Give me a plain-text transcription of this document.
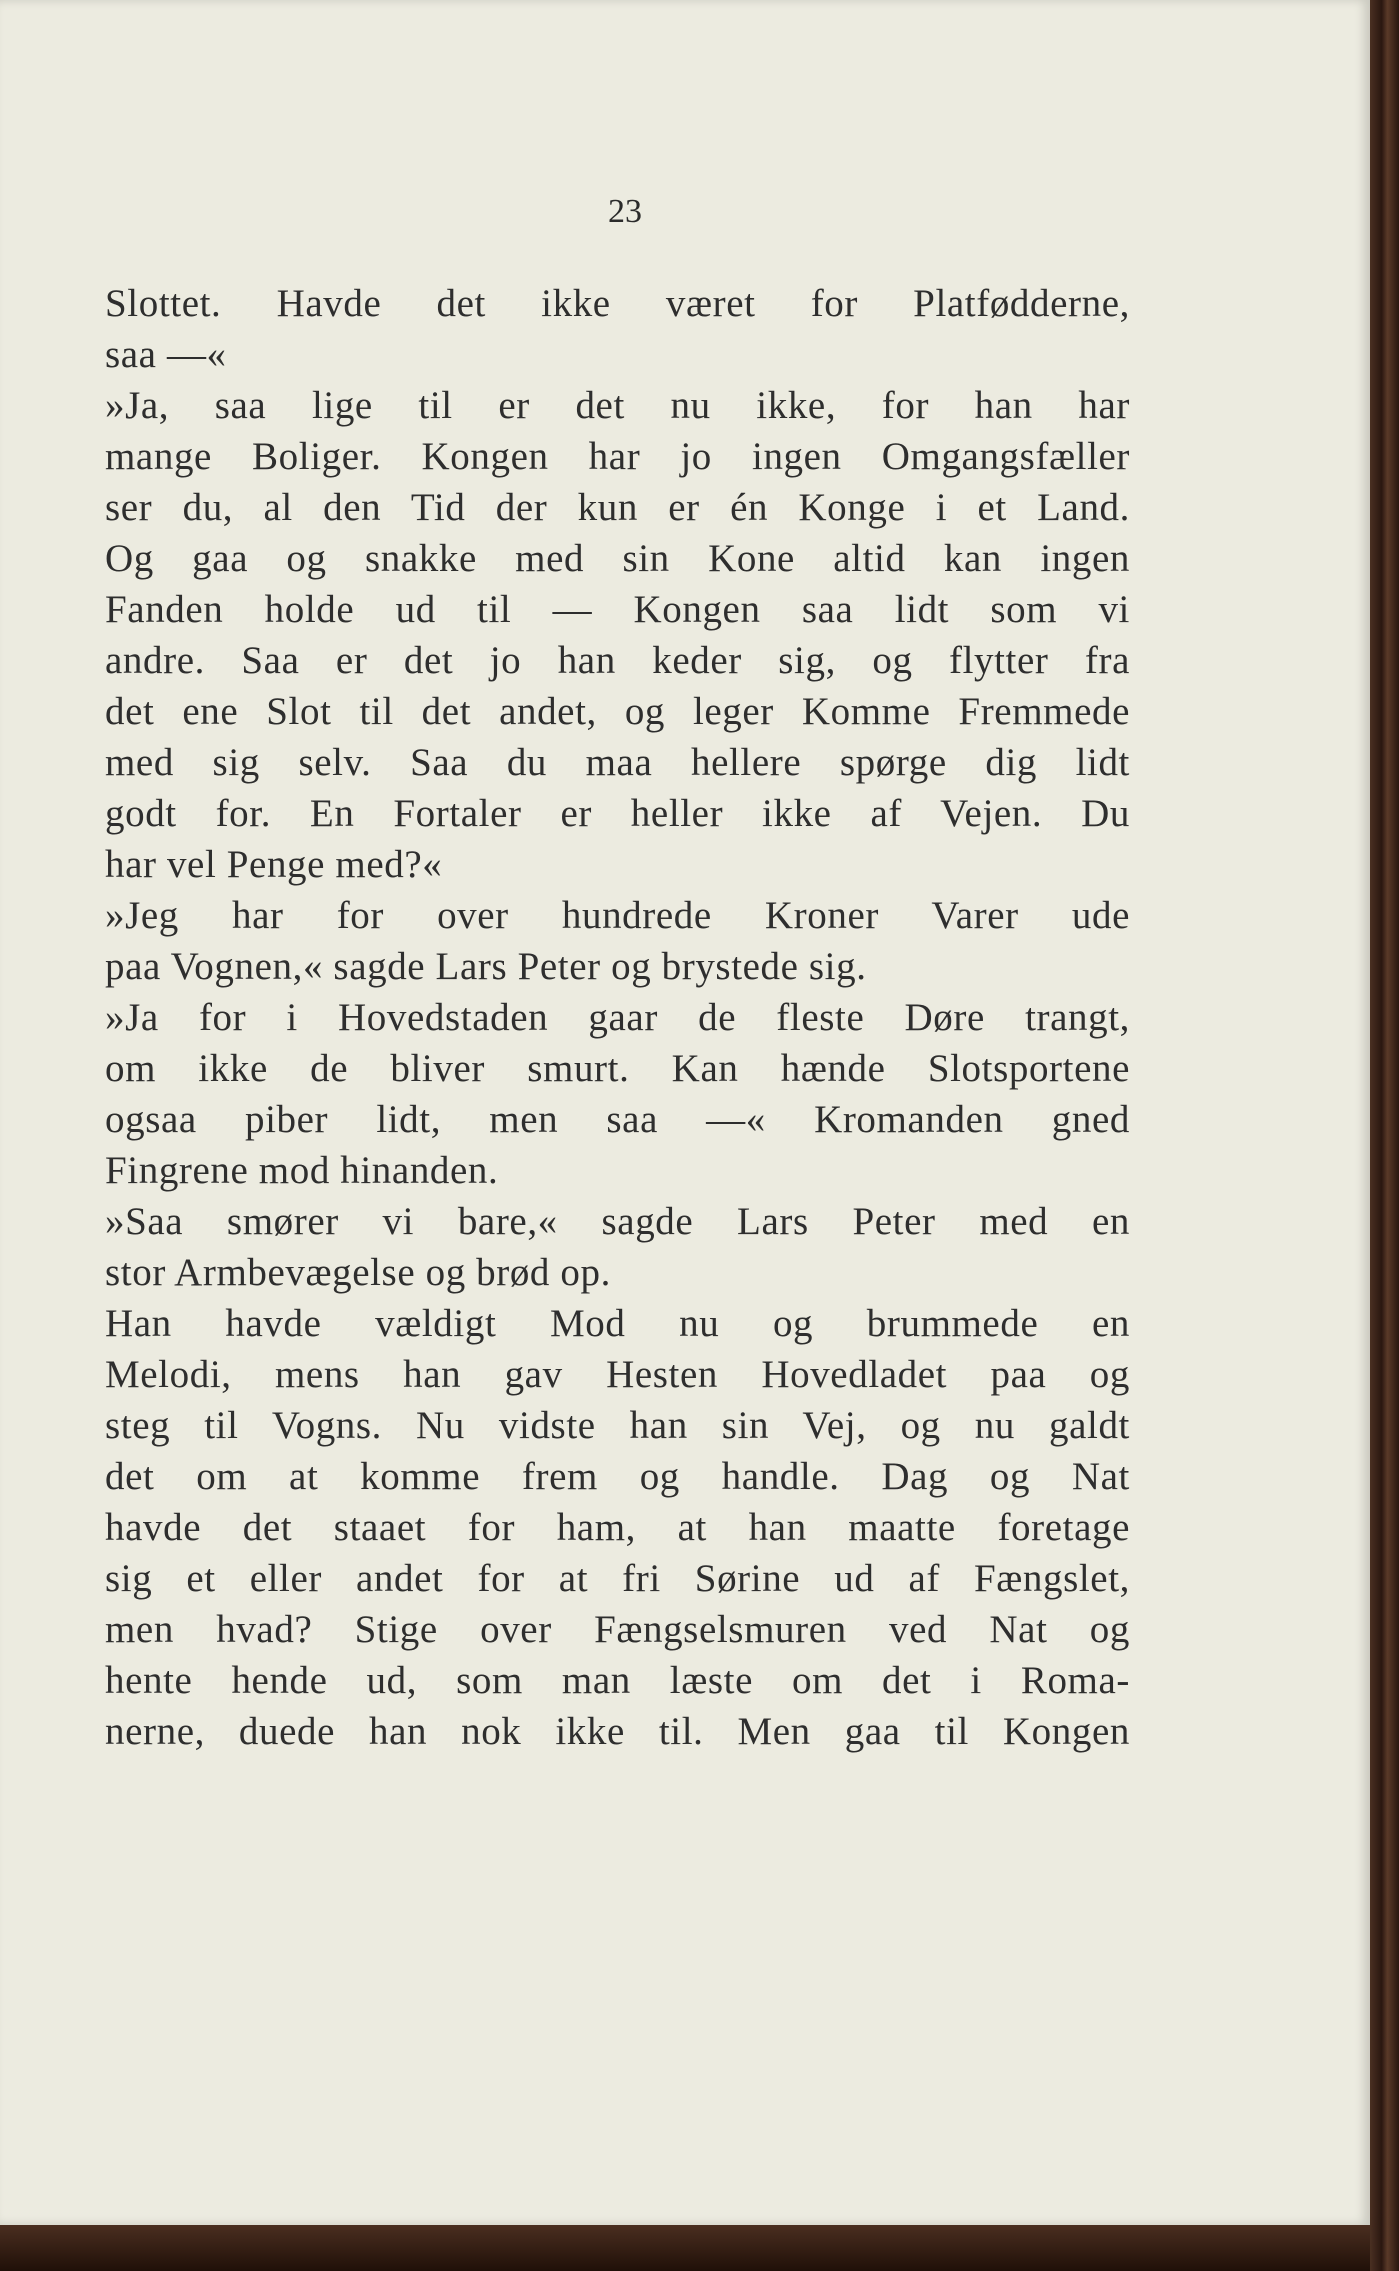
23
Slottet. Havde det ikke været for Platfødderne,
saa —«
»Ja, saa lige til er det nu ikke, for han har
mange Boliger. Kongen har jo ingen Omgangsfæller
ser du, al den Tid der kun er én Konge i et Land.
Og gaa og snakke med sin Kone altid kan ingen
Fanden holde ud til — Kongen saa lidt som vi
andre. Saa er det jo han keder sig, og flytter fra
det ene Slot til det andet, og leger Komme Fremmede
med sig selv. Saa du maa hellere spørge dig lidt
godt for. En Fortaler er heller ikke af Vejen. Du
har vel Penge med?«
»Jeg har for over hundrede Kroner Varer ude
paa Vognen,« sagde Lars Peter og brystede sig.
»Ja for i Hovedstaden gaar de fleste Døre trangt,
om ikke de bliver smurt. Kan hænde Slotsportene
ogsaa piber lidt, men saa —« Kromanden gned
Fingrene mod hinanden.
»Saa smører vi bare,« sagde Lars Peter med en
stor Armbevægelse og brød op.
Han havde vældigt Mod nu og brummede en
Melodi, mens han gav Hesten Hovedladet paa og
steg til Vogns. Nu vidste han sin Vej, og nu galdt
det om at komme frem og handle. Dag og Nat
havde det staaet for ham, at han maatte foretage
sig et eller andet for at fri Sørine ud af Fængslet,
men hvad? Stige over Fængselsmuren ved Nat og
hente hende ud, som man læste om det i Roma-
nerne, duede han nok ikke til. Men gaa til Kongen
